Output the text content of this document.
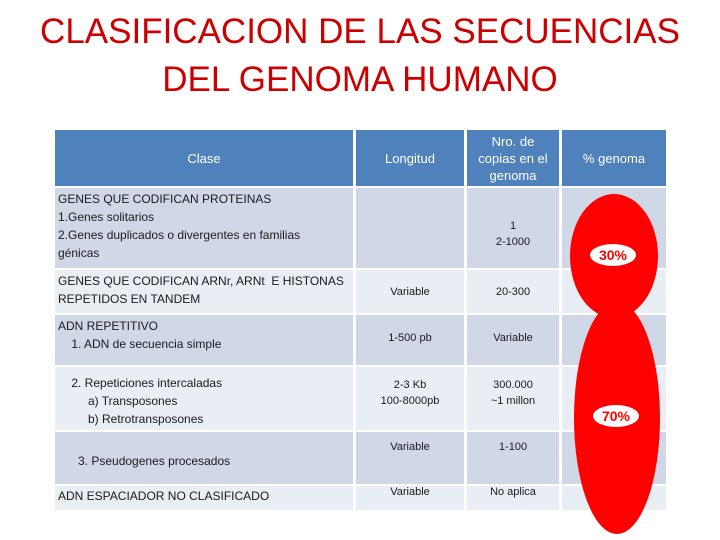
CLASIFICACION DE LAS SECUENCIAS
DEL GENOMA HUMANO
Clase	Longitud
Nro. de copias en el genoma
% genoma
GENES QUE CODIFICAN PROTEINAS
1.Genes solitarios
2.Genes duplicados o divergentes en familias
génicas
GENES QUE CODIFICAN ARNr, ARNt  E HISTONAS
REPETIDOS EN TANDEM
ADN REPETITIVO
1. ADN de secuencia simple
2. Repeticiones intercaladas
a) Transposones
b) Retrotransposones
3. Pseudogenes procesados
ADN ESPACIADOR NO CLASIFICADO
Variable
1-500 pb
2-3 Kb
100-8000pb
Variable
Variable
1
2-1000
20-300
Variable
300.000
~1 millon
1-100
No aplica
30%
70%
